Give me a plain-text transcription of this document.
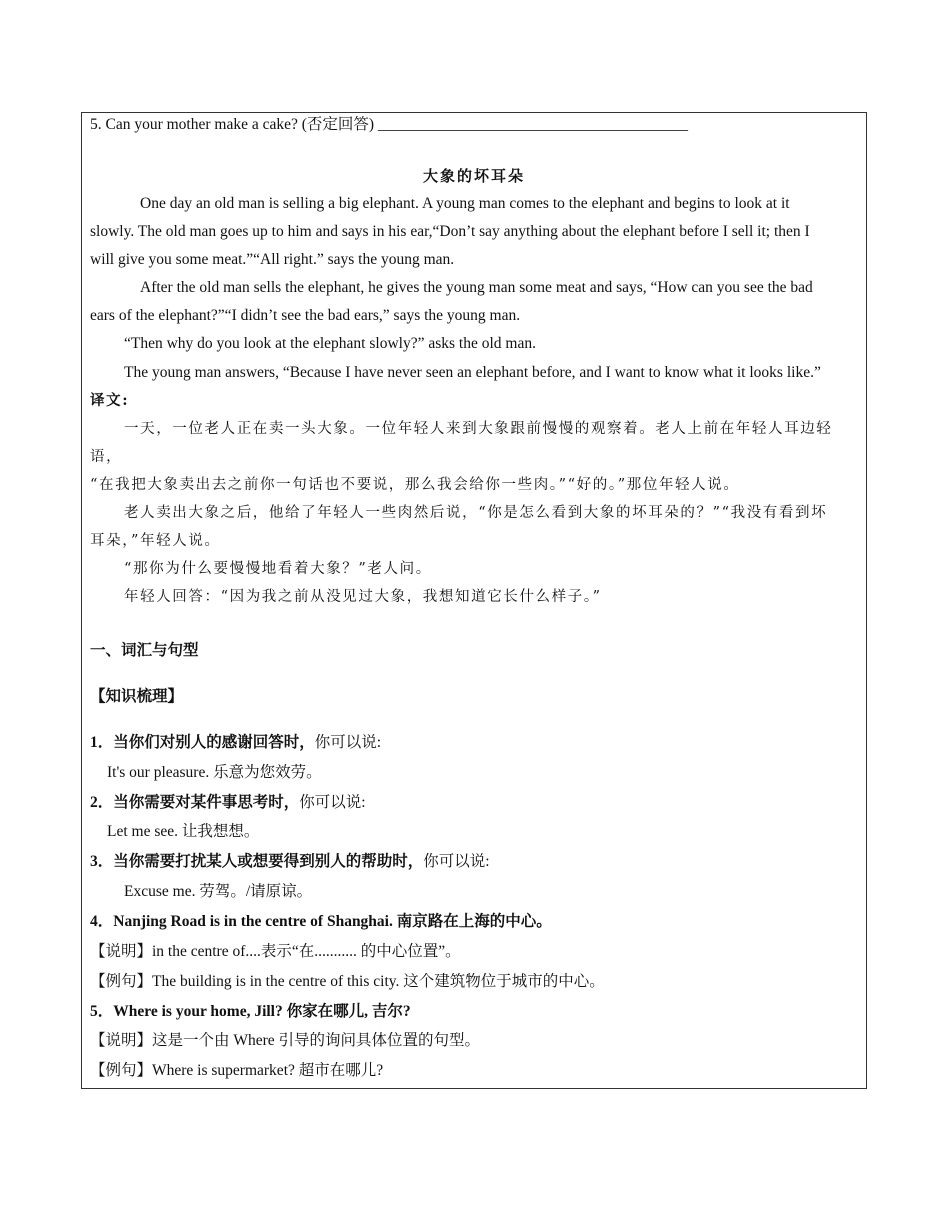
5. Can your mother make a cake? (否定回答) ________________________________________
大象的坏耳朵
One day an old man is selling a big elephant. A young man comes to the elephant and begins to look at it
slowly. The old man goes up to him and says in his ear,“Don’t say anything about the elephant before I sell it; then I
will give you some meat.”“All right.” says the young man.
After the old man sells the elephant, he gives the young man some meat and says, “How can you see the bad
ears of the elephant?”“I didn’t see the bad ears,” says the young man.
“Then why do you look at the elephant slowly?” asks the old man.
The young man answers, “Because I have never seen an elephant before, and I want to know what it looks like.”
译文:
一天，一位老人正在卖一头大象。一位年轻人来到大象跟前慢慢的观察着。老人上前在年轻人耳边轻
语，
“在我把大象卖出去之前你一句话也不要说，那么我会给你一些肉。”“好的。”那位年轻人说。
老人卖出大象之后，他给了年轻人一些肉然后说，“你是怎么看到大象的坏耳朵的？”“我没有看到坏
耳朵，”年轻人说。
“那你为什么要慢慢地看着大象？”老人问。
年轻人回答：“因为我之前从没见过大象，我想知道它长什么样子。”
一、词汇与句型
【知识梳理】
1．当你们对别人的感谢回答时，你可以说:
It's our pleasure. 乐意为您效劳。
2．当你需要对某件事思考时，你可以说:
Let me see. 让我想想。
3．当你需要打扰某人或想要得到别人的帮助时，你可以说:
Excuse me. 劳驾。/请原谅。
4．Nanjing Road is in the centre of Shanghai. 南京路在上海的中心。
【说明】in the centre of....表示“在........... 的中心位置”。
【例句】The building is in the centre of this city. 这个建筑物位于城市的中心。
5．Where is your home, Jill? 你家在哪儿, 吉尔?
【说明】这是一个由 Where 引导的询问具体位置的句型。
【例句】Where is supermarket? 超市在哪儿?
